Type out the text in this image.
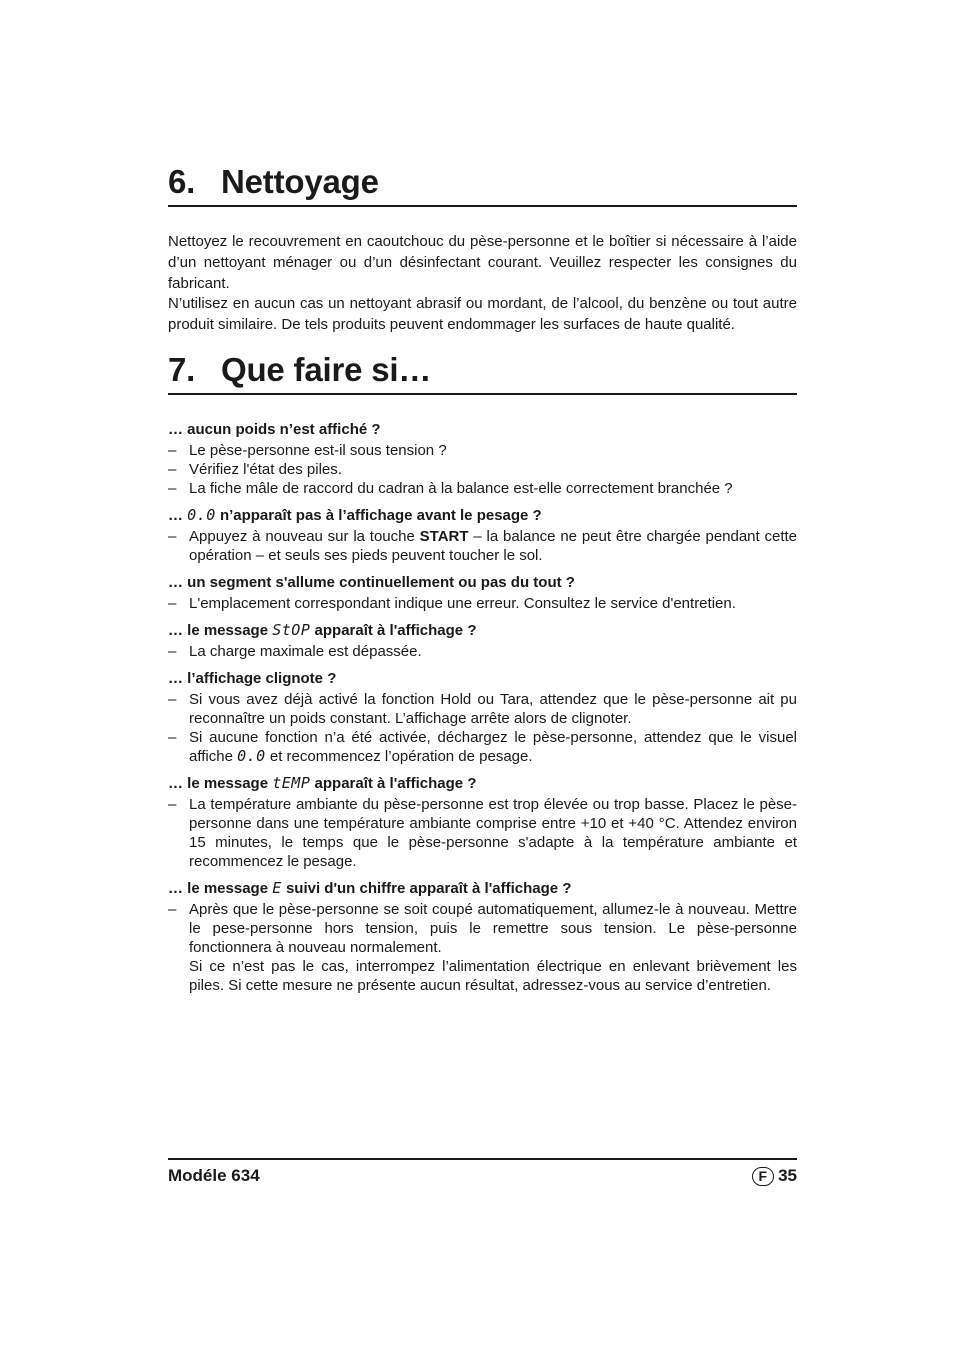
6. Nettoyage

Nettoyez le recouvrement en caoutchouc du pèse-personne et le boîtier si nécessaire à l’aide d’un nettoyant ménager ou d’un désinfectant courant. Veuillez respecter les consignes du fabricant.

N’utilisez en aucun cas un nettoyant abrasif ou mordant, de l’alcool, du benzène ou tout autre produit similaire. De tels produits peuvent endommager les surfaces de haute qualité.

7. Que faire si…

… aucun poids n’est affiché ?

– Le pèse-personne est-il sous tension ?
– Vérifiez l'état des piles.
– La fiche mâle de raccord du cadran à la balance est-elle correctement branchée ?

… 0.0 n’apparaît pas à l’affichage avant le pesage ?

– Appuyez à nouveau sur la touche START – la balance ne peut être chargée pendant cette opération – et seuls ses pieds peuvent toucher le sol.

… un segment s'allume continuellement ou pas du tout ?

– L'emplacement correspondant indique une erreur. Consultez le service d'entretien.

… le message StOP apparaît à l'affichage ?

– La charge maximale est dépassée.

… l’affichage clignote ?

– Si vous avez déjà activé la fonction Hold ou Tara, attendez que le pèse-personne ait pu reconnaître un poids constant. L’affichage arrête alors de clignoter.
– Si aucune fonction n’a été activée, déchargez le pèse-personne, attendez que le visuel affiche 0.0 et recommencez l’opération de pesage.

… le message tEMP apparaît à l'affichage ?

– La température ambiante du pèse-personne est trop élevée ou trop basse. Placez le pèse-personne dans une température ambiante comprise entre +10 et +40 °C. Attendez environ 15 minutes, le temps que le pèse-personne s'adapte à la température ambiante et recommencez le pesage.

… le message E suivi d'un chiffre apparaît à l'affichage ?

– Après que le pèse-personne se soit coupé automatiquement, allumez-le à nouveau. Mettre le pese-personne hors tension, puis le remettre sous tension. Le pèse-personne fonctionnera à nouveau normalement.
Si ce n’est pas le cas, interrompez l’alimentation électrique en enlevant brièvement les piles. Si cette mesure ne présente aucun résultat, adressez-vous au service d’entretien.
Modéle 634	F 35
